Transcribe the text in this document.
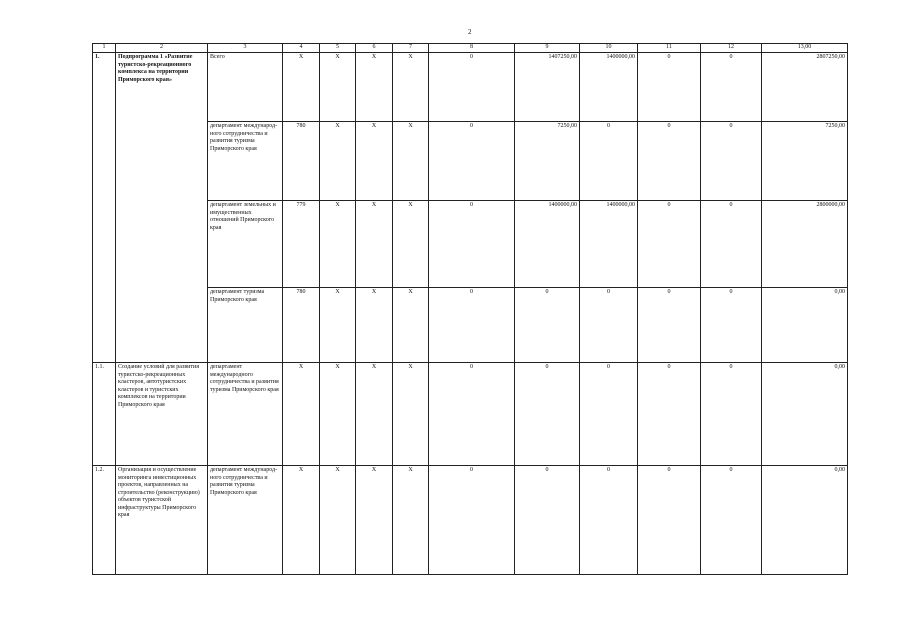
2
1	2	3	4	5	6	7	8	9	10	11	12	13,00
1.	Подпрограмма 1 «Развитие туристско-рекреационного комплекса на территории Приморского края»	Всего	X	X	X	X	0	1407250,00	1400000,00	0	0	2807250,00
		департамент международ-ного сотрудничества и развития туризма Приморского края	780	X	X	X	0	7250,00	0	0	0	7250,00
		департамент земельных и имущественных отношений Приморского края	779	X	X	X	0	1400000,00	1400000,00	0	0	2800000,00
		департамент туризма Приморского края	780	X	X	X	0	0	0	0	0	0,00
1.1.	Создание условий для развития туристско-рекреационных кластеров, автотуристских кластеров и туристских комплексов на территории Приморского края	департамент международного сотрудничества и развития туризма Приморского края	X	X	X	X	0	0	0	0	0	0,00
1.2.	Организация и осуществление мониторинга инвестиционных проектов, направленных на строительство (реконструкцию) объектов туристской инфраструктуры Приморского края	департамент международ-ного сотрудничества и развития туризма Приморского края	X	X	X	X	0	0	0	0	0	0,00
